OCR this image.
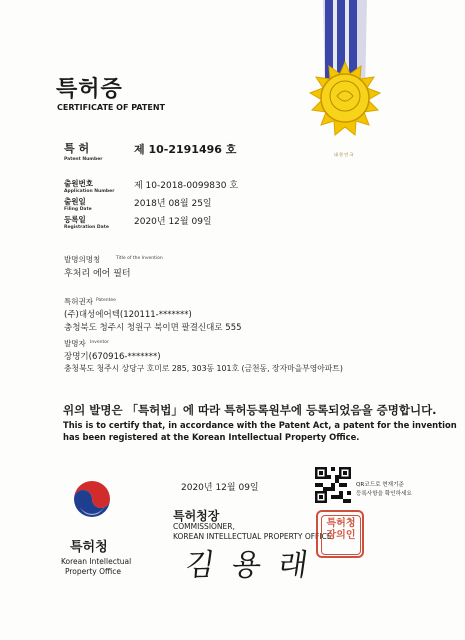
대 한 민 국
특허증
CERTIFICATE OF PATENT
특 허
Patent Number
제 10-2191496 호
출원번호
Application Number
제 10-2018-0099830 호
출원일
Filing Date
2018년 08월 25일
등록일
Registration Date
2020년 12월 09일
발명의명칭	Title of the Invention
후처리 에어 필터
특허권자 Patentee
(주)대성에어텍(120111-*******)
충청북도 청주시 청원구 북이면 팔결신대로 555
발명자 Inventor
장명기(670916-*******)
충청북도 청주시 상당구 호미로 285, 303동 101호 (금천동, 장자마을부영아파트)
위의 발명은 「특허법」에 따라 특허등록원부에 등록되었음을 증명합니다.
This is to certify that, in accordance with the Patent Act, a patent for the invention
has been registered at the Korean Intellectual Property Office.
2020년 12월 09일	QR코드로 현재기준
등록사항을 확인하세요
특허청
Korean Intellectual
Property Office
특허청장
COMMISSIONER,
KOREAN INTELLECTUAL PROPERTY OFFICE
김 용 래
특허청장의인
